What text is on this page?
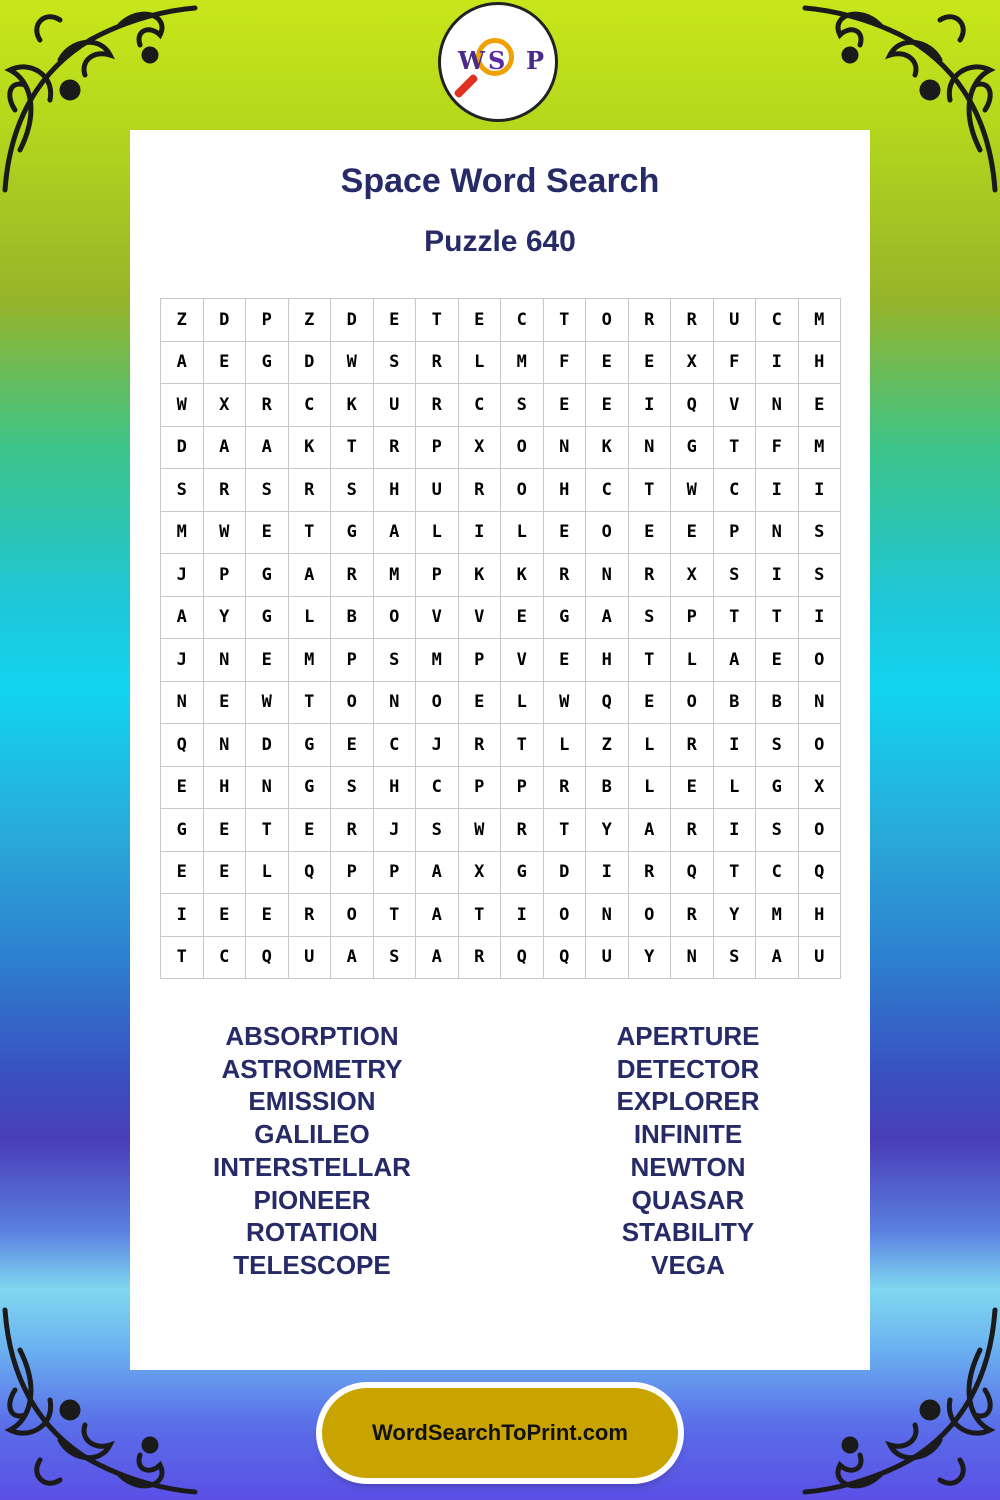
W S P
Space Word Search
Puzzle 640
Z	D	P	Z	D	E	T	E	C	T	O	R	R	U	C	M
A	E	G	D	W	S	R	L	M	F	E	E	X	F	I	H
W	X	R	C	K	U	R	C	S	E	E	I	Q	V	N	E
D	A	A	K	T	R	P	X	O	N	K	N	G	T	F	M
S	R	S	R	S	H	U	R	O	H	C	T	W	C	I	I
M	W	E	T	G	A	L	I	L	E	O	E	E	P	N	S
J	P	G	A	R	M	P	K	K	R	N	R	X	S	I	S
A	Y	G	L	B	O	V	V	E	G	A	S	P	T	T	I
J	N	E	M	P	S	M	P	V	E	H	T	L	A	E	O
N	E	W	T	O	N	O	E	L	W	Q	E	O	B	B	N
Q	N	D	G	E	C	J	R	T	L	Z	L	R	I	S	O
E	H	N	G	S	H	C	P	P	R	B	L	E	L	G	X
G	E	T	E	R	J	S	W	R	T	Y	A	R	I	S	O
E	E	L	Q	P	P	A	X	G	D	I	R	Q	T	C	Q
I	E	E	R	O	T	A	T	I	O	N	O	R	Y	M	H
T	C	Q	U	A	S	A	R	Q	Q	U	Y	N	S	A	U
ABSORPTION
ASTROMETRY
EMISSION
GALILEO
INTERSTELLAR
PIONEER
ROTATION
TELESCOPE
APERTURE
DETECTOR
EXPLORER
INFINITE
NEWTON
QUASAR
STABILITY
VEGA
WordSearchToPrint.com
